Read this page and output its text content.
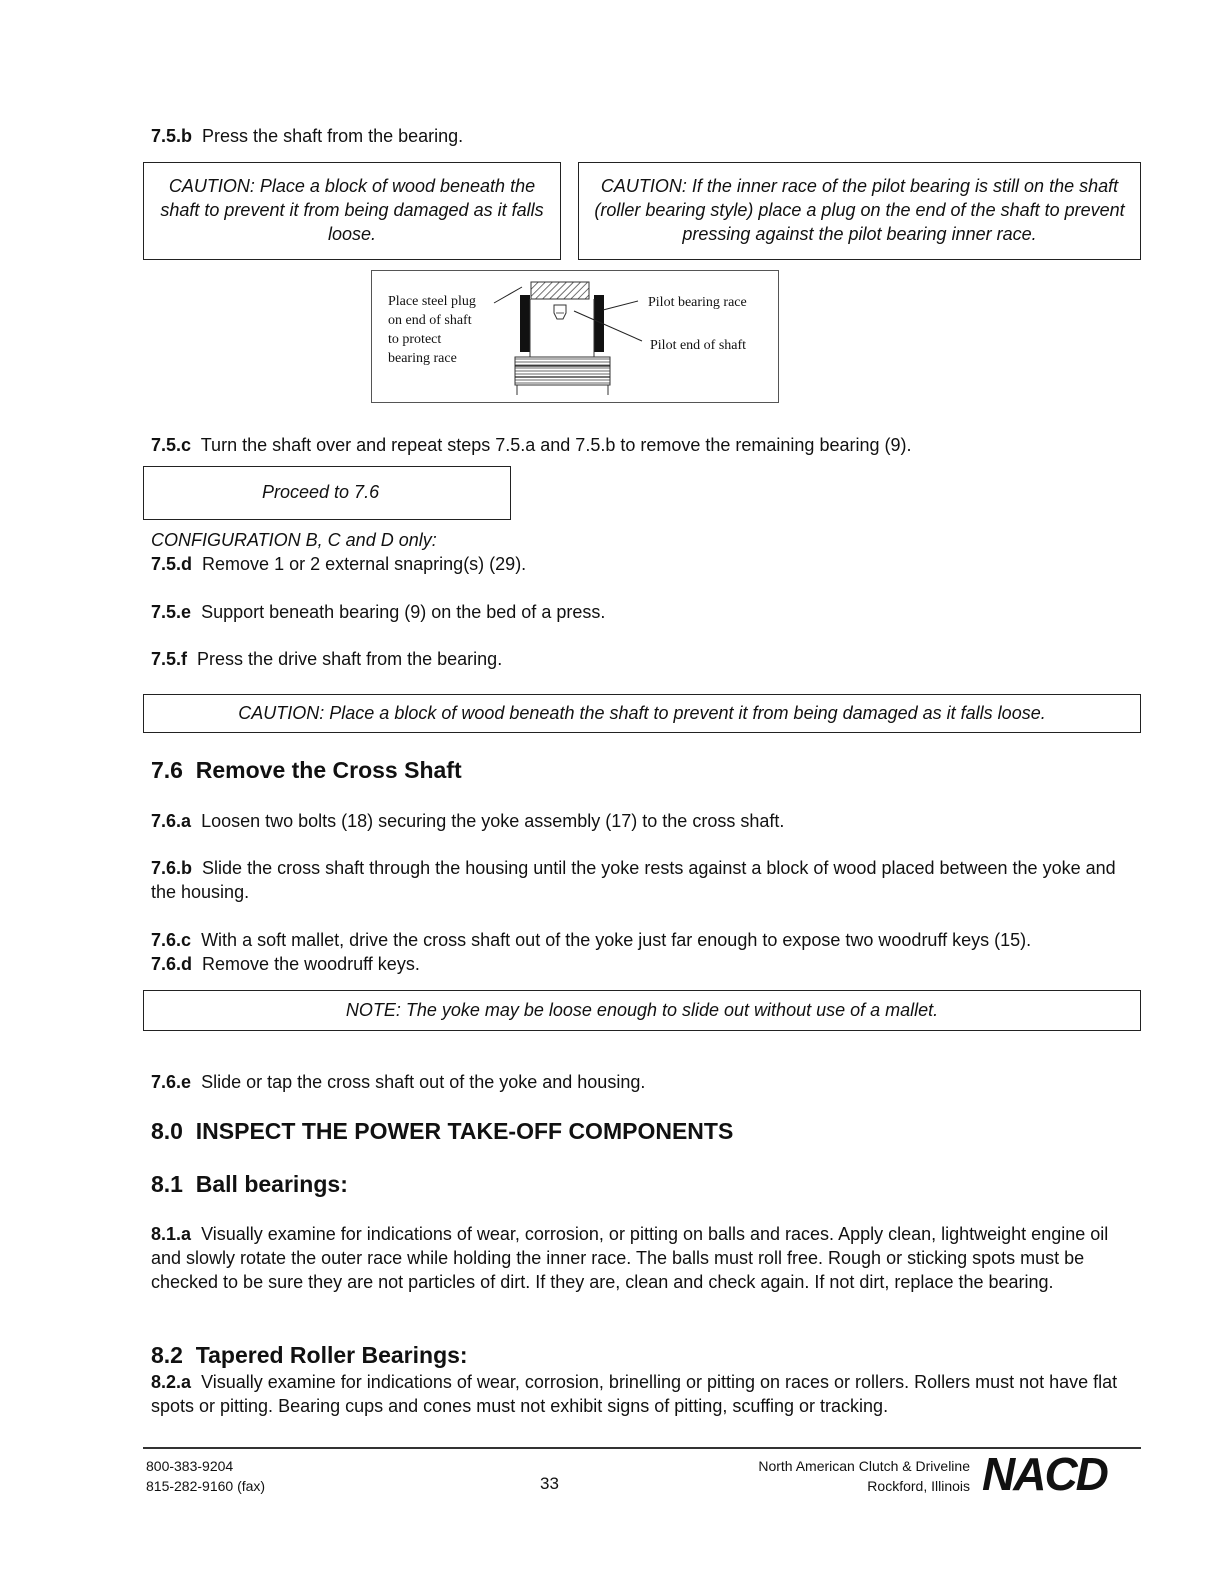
7.5.b Press the shaft from the bearing.
CAUTION: Place a block of wood beneath the shaft to prevent it from being damaged as it falls loose.
CAUTION: If the inner race of the pilot bearing is still on the shaft (roller bearing style) place a plug on the end of the shaft to prevent pressing against the pilot bearing inner race.
Place steel plug
on end of shaft
to protect
bearing race
Pilot bearing race
Pilot end of shaft
7.5.c Turn the shaft over and repeat steps 7.5.a and 7.5.b to remove the remaining bearing (9).
Proceed to 7.6
CONFIGURATION B, C and D only:
7.5.d Remove 1 or 2 external snapring(s) (29).
7.5.e Support beneath bearing (9) on the bed of a press.
7.5.f Press the drive shaft from the bearing.
CAUTION: Place a block of wood beneath the shaft to prevent it from being damaged as it falls loose.
7.6 Remove the Cross Shaft
7.6.a Loosen two bolts (18) securing the yoke assembly (17) to the cross shaft.
7.6.b Slide the cross shaft through the housing until the yoke rests against a block of wood placed between the yoke and the housing.
7.6.c With a soft mallet, drive the cross shaft out of the yoke just far enough to expose two woodruff keys (15).
7.6.d Remove the woodruff keys.
NOTE: The yoke may be loose enough to slide out without use of a mallet.
7.6.e Slide or tap the cross shaft out of the yoke and housing.
8.0 INSPECT THE POWER TAKE-OFF COMPONENTS
8.1 Ball bearings:
8.1.a Visually examine for indications of wear, corrosion, or pitting on balls and races. Apply clean, lightweight engine oil and slowly rotate the outer race while holding the inner race. The balls must roll free. Rough or sticking spots must be checked to be sure they are not particles of dirt. If they are, clean and check again. If not dirt, replace the bearing.
8.2 Tapered Roller Bearings:
8.2.a Visually examine for indications of wear, corrosion, brinelling or pitting on races or rollers. Rollers must not have flat spots or pitting. Bearing cups and cones must not exhibit signs of pitting, scuffing or tracking.
800-383-9204
815-282-9160 (fax)	33
North American Clutch & Driveline
Rockford, Illinois NACD
